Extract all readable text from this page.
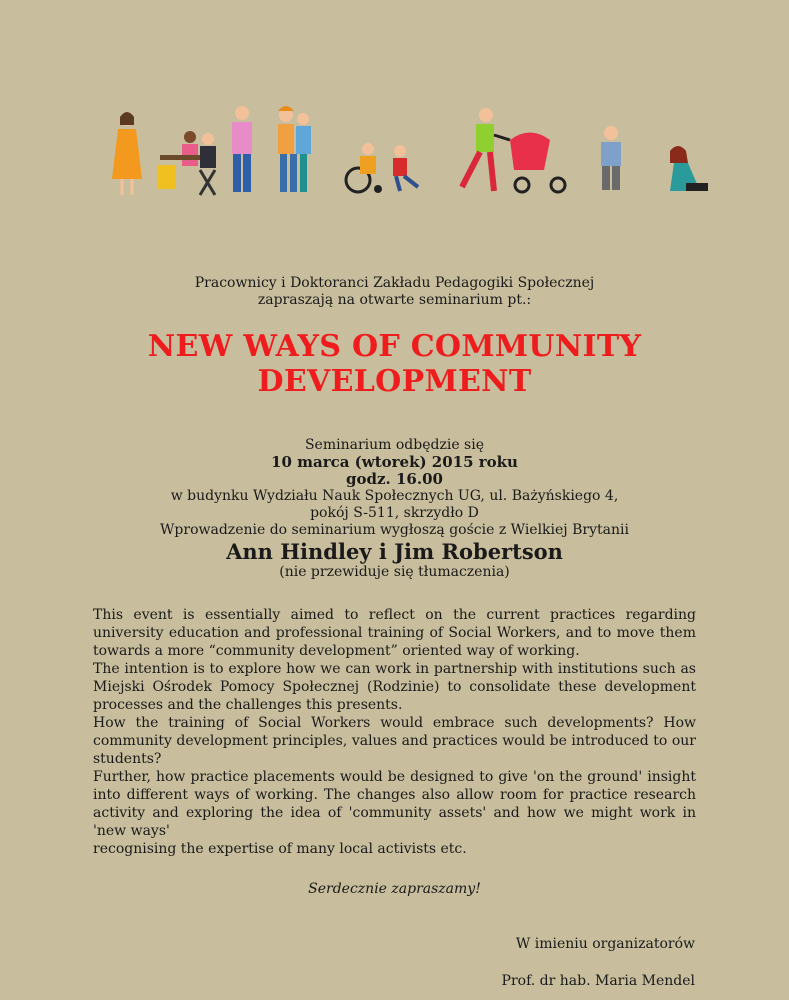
Pracownicy i Doktoranci Zakładu Pedagogiki Społecznej
zapraszają na otwarte seminarium pt.:
NEW WAYS OF COMMUNITY
DEVELOPMENT
Seminarium odbędzie się
10 marca (wtorek) 2015 roku
godz. 16.00
w budynku Wydziału Nauk Społecznych UG, ul. Bażyńskiego 4,
pokój S-511, skrzydło D
Wprowadzenie do seminarium wygłoszą goście z Wielkiej Brytanii
Ann Hindley i Jim Robertson
(nie przewiduje się tłumaczenia)

This event is essentially aimed to reflect on the current practices regarding university education and professional training of Social Workers, and to move them towards a more “community development” oriented way of working.

The intention is to explore how we can work in partnership with institutions such as Miejski Ośrodek Pomocy Społecznej (Rodzinie) to consolidate these development processes and the challenges this presents.

How the training of Social Workers would embrace such developments? How community development principles, values and practices would be introduced to our students?

Further, how practice placements would be designed to give 'on the ground' insight into different ways of working. The changes also allow room for practice research activity and exploring the idea of 'community assets' and how we might work in 'new ways'

recognising the expertise of many local activists etc.

Serdecznie zapraszamy!
W imieniu organizatorów
Prof. dr hab. Maria Mendel
